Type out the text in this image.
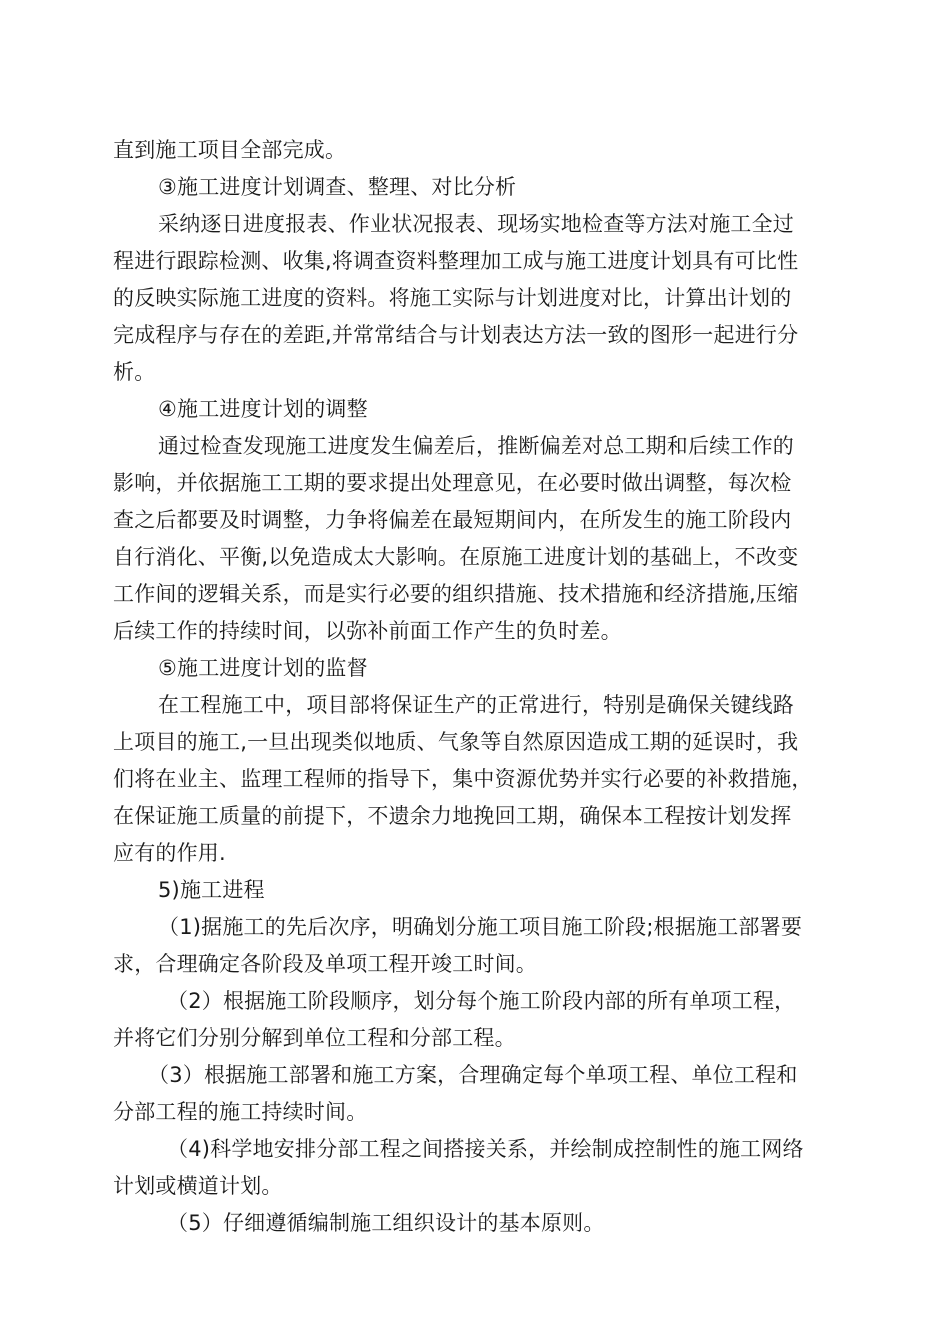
直到施工项目全部完成。
③施工进度计划调查、整理、对比分析
采纳逐日进度报表、作业状况报表、现场实地检查等方法对施工全过
程进行跟踪检测、收集,将调查资料整理加工成与施工进度计划具有可比性
的反映实际施工进度的资料。将施工实际与计划进度对比，计算出计划的
完成程序与存在的差距,并常常结合与计划表达方法一致的图形一起进行分
析。
④施工进度计划的调整
通过检查发现施工进度发生偏差后，推断偏差对总工期和后续工作的
影响，并依据施工工期的要求提出处理意见，在必要时做出调整，每次检
查之后都要及时调整，力争将偏差在最短期间内，在所发生的施工阶段内
自行消化、平衡,以免造成太大影响。在原施工进度计划的基础上，不改变
工作间的逻辑关系，而是实行必要的组织措施、技术措施和经济措施,压缩
后续工作的持续时间，以弥补前面工作产生的负时差。
⑤施工进度计划的监督
在工程施工中，项目部将保证生产的正常进行，特别是确保关键线路
上项目的施工,一旦出现类似地质、气象等自然原因造成工期的延误时，我
们将在业主、监理工程师的指导下，集中资源优势并实行必要的补救措施，
在保证施工质量的前提下，不遗余力地挽回工期，确保本工程按计划发挥
应有的作用.
5)施工进程
（1)据施工的先后次序，明确划分施工项目施工阶段;根据施工部署要
求，合理确定各阶段及单项工程开竣工时间。
（2）根据施工阶段顺序，划分每个施工阶段内部的所有单项工程，
并将它们分别分解到单位工程和分部工程。
（3）根据施工部署和施工方案，合理确定每个单项工程、单位工程和
分部工程的施工持续时间。
（4)科学地安排分部工程之间搭接关系，并绘制成控制性的施工网络
计划或横道计划。
（5）仔细遵循编制施工组织设计的基本原则。
